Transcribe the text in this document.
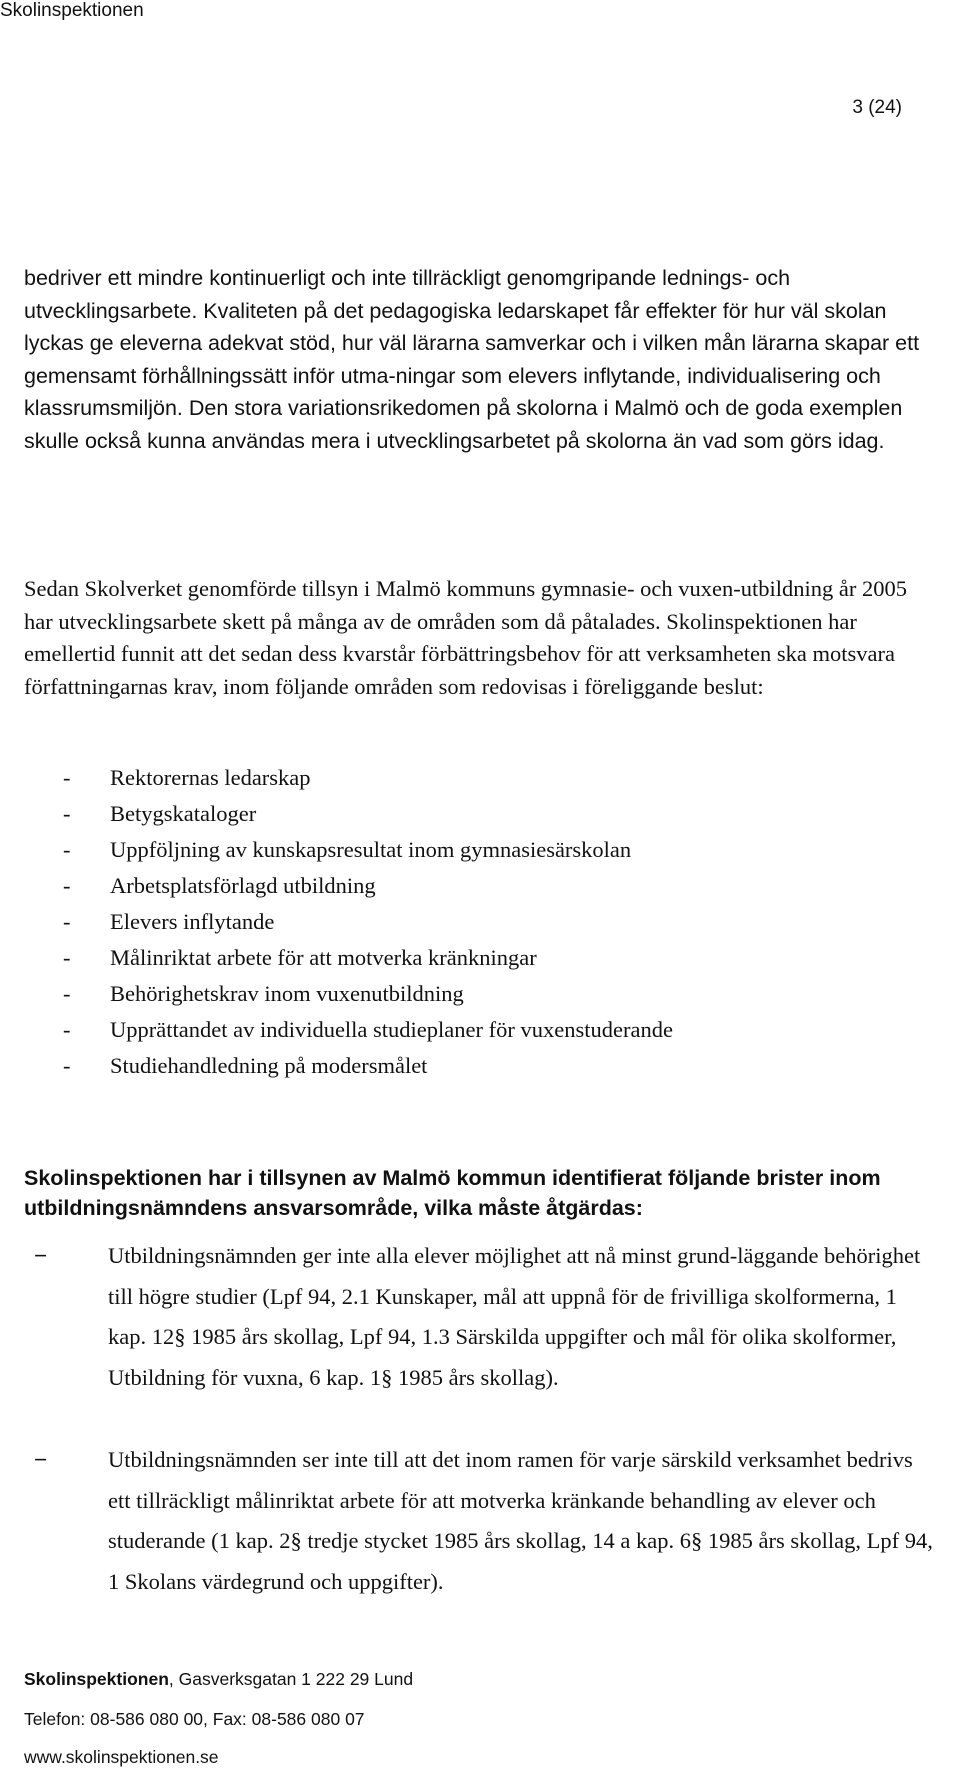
Skolinspektionen
3 (24)

bedriver ett mindre kontinuerligt och inte tillräckligt genomgripande lednings- och utvecklingsarbete. Kvaliteten på det pedagogiska ledarskapet får effekter för hur väl skolan lyckas ge eleverna adekvat stöd, hur väl lärarna samverkar och i vilken mån lärarna skapar ett gemensamt förhållningssätt inför utma-ningar som elevers inflytande, individualisering och klassrumsmiljön. Den stora variationsrikedomen på skolorna i Malmö och de goda exemplen skulle också kunna användas mera i utvecklingsarbetet på skolorna än vad som görs idag.

Sedan Skolverket genomförde tillsyn i Malmö kommuns gymnasie- och vuxen-utbildning år 2005 har utvecklingsarbete skett på många av de områden som då påtalades. Skolinspektionen har emellertid funnit att det sedan dess kvarstår förbättringsbehov för att verksamheten ska motsvara författningarnas krav, inom följande områden som redovisas i föreliggande beslut:

- Rektorernas ledarskap
- Betygskataloger
- Uppföljning av kunskapsresultat inom gymnasiesärskolan
- Arbetsplatsförlagd utbildning
- Elevers inflytande
- Målinriktat arbete för att motverka kränkningar
- Behörighetskrav inom vuxenutbildning
- Upprättandet av individuella studieplaner för vuxenstuderande
- Studiehandledning på modersmålet

Skolinspektionen har i tillsynen av Malmö kommun identifierat följande brister inom utbildningsnämndens ansvarsområde, vilka måste åtgärdas:

−	Utbildningsnämnden ger inte alla elever möjlighet att nå minst grund-läggande behörighet till högre studier (Lpf 94, 2.1 Kunskaper, mål att uppnå för de frivilliga skolformerna, 1 kap. 12§ 1985 års skollag, Lpf 94, 1.3 Särskilda uppgifter och mål för olika skolformer, Utbildning för vuxna, 6 kap. 1§ 1985 års skollag).
−	Utbildningsnämnden ser inte till att det inom ramen för varje särskild verksamhet bedrivs ett tillräckligt målinriktat arbete för att motverka kränkande behandling av elever och studerande (1 kap. 2§ tredje stycket 1985 års skollag, 14 a kap. 6§ 1985 års skollag, Lpf 94, 1 Skolans värdegrund och uppgifter).
Skolinspektionen, Gasverksgatan 1 222 29 Lund
Telefon: 08-586 080 00, Fax: 08-586 080 07
www.skolinspektionen.se
